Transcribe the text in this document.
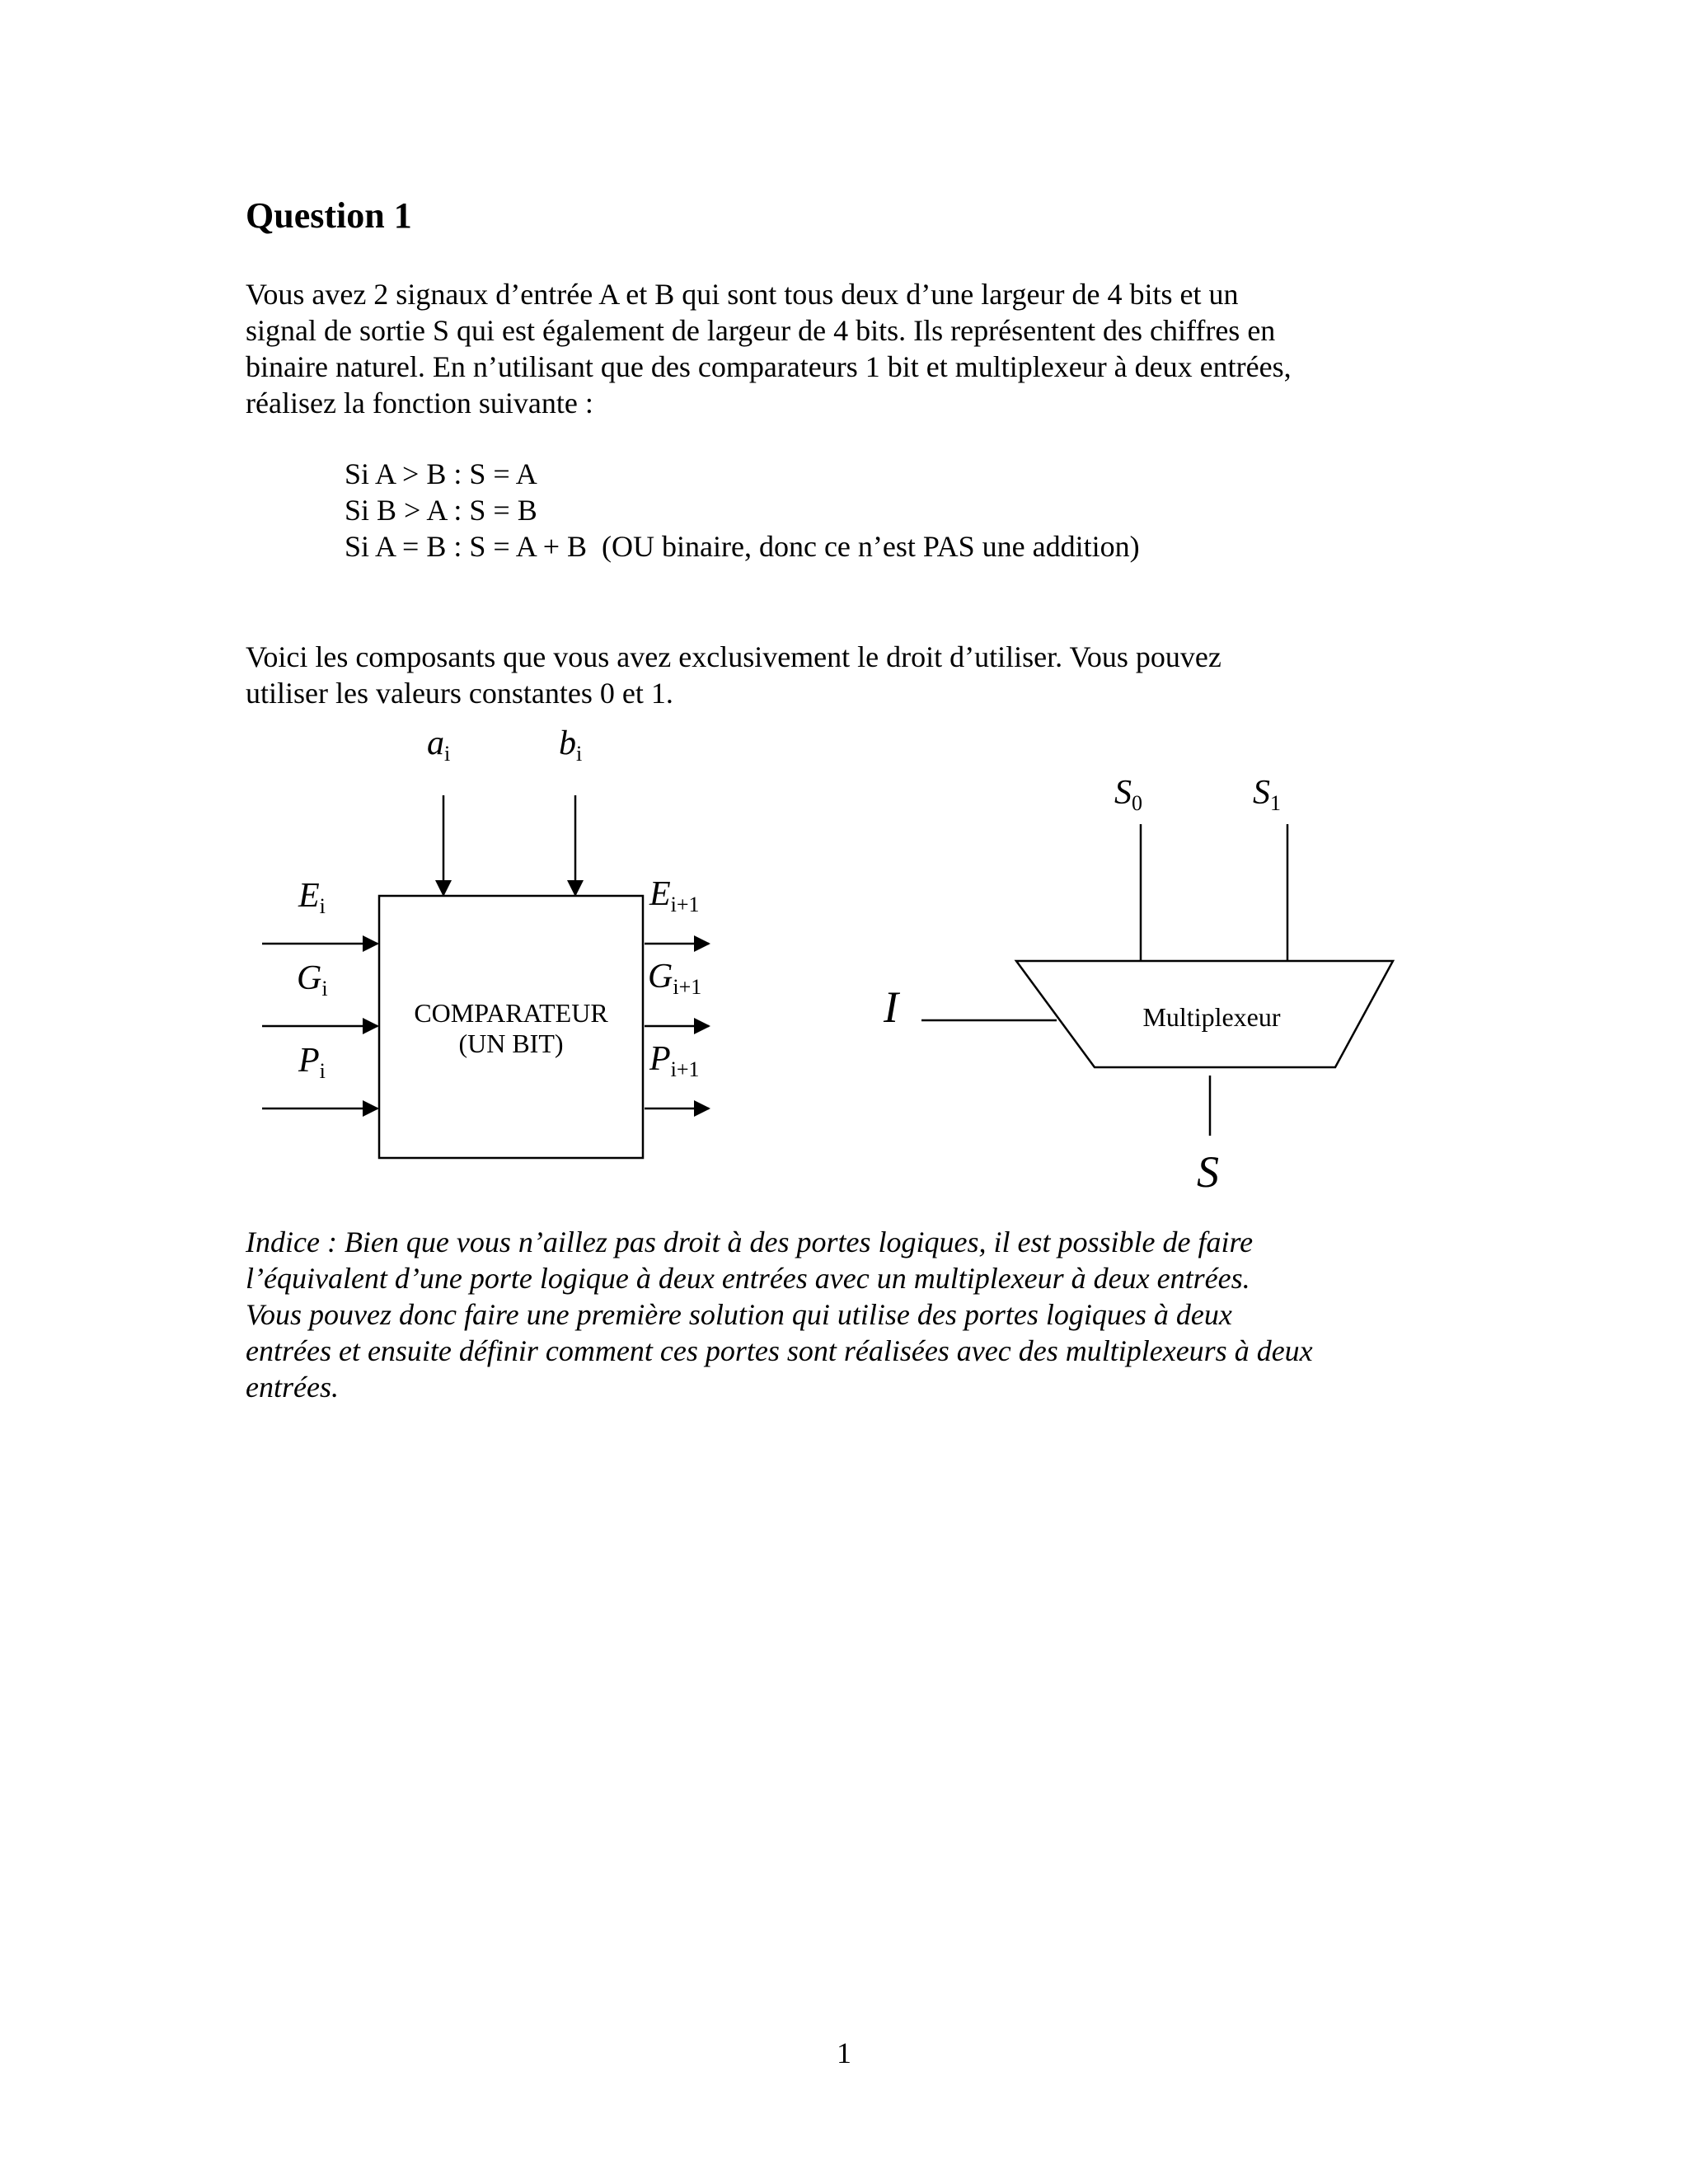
Question 1

Vous avez 2 signaux d’entrée A et B qui sont tous deux d’une largeur de 4 bits et un
signal de sortie S qui est également de largeur de 4 bits. Ils représentent des chiffres en
binaire naturel. En n’utilisant que des comparateurs 1 bit et multiplexeur à deux entrées,
réalisez la fonction suivante :

Si A > B : S = A
Si B > A : S = B
Si A = B : S = A + B  (OU binaire, donc ce n’est PAS une addition)

Voici les composants que vous avez exclusivement le droit d’utiliser. Vous pouvez
utiliser les valeurs constantes 0 et 1.

ai	bi
COMPARATEUR
(UN BIT)
Ei
Gi
Pi
Ei+1
Gi+1
Pi+1
S0	S1
Multiplexeur
I
S

Indice : Bien que vous n’aillez pas droit à des portes logiques, il est possible de faire
l’équivalent d’une porte logique à deux entrées avec un multiplexeur à deux entrées.
Vous pouvez donc faire une première solution qui utilise des portes logiques à deux
entrées et ensuite définir comment ces portes sont réalisées avec des multiplexeurs à deux
entrées.

1
